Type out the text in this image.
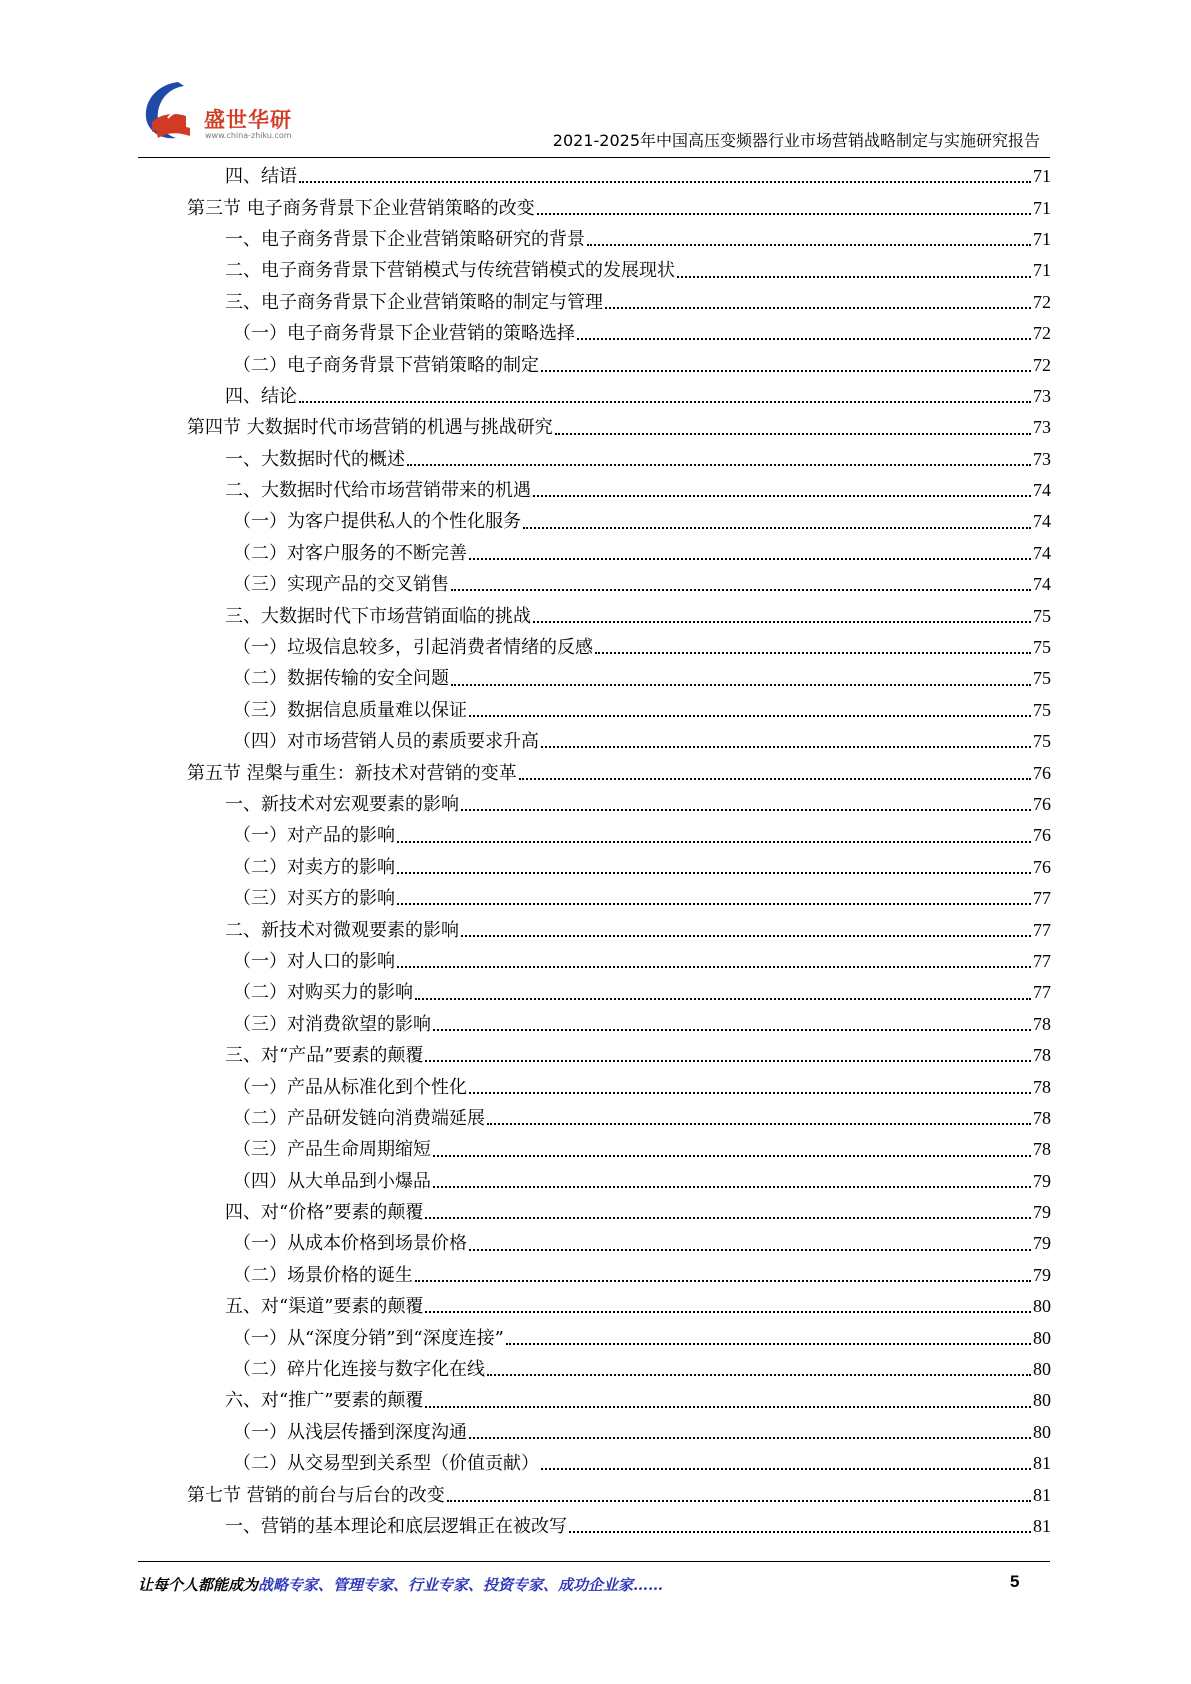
盛世华研
www.china-zhiku.com	2021-2025年中国高压变频器行业市场营销战略制定与实施研究报告
四、结语	71
第三节 电子商务背景下企业营销策略的改变	71
一、电子商务背景下企业营销策略研究的背景	71
二、电子商务背景下营销模式与传统营销模式的发展现状	71
三、电子商务背景下企业营销策略的制定与管理	72
（一）电子商务背景下企业营销的策略选择	72
（二）电子商务背景下营销策略的制定	72
四、结论	73
第四节 大数据时代市场营销的机遇与挑战研究	73
一、大数据时代的概述	73
二、大数据时代给市场营销带来的机遇	74
（一）为客户提供私人的个性化服务	74
（二）对客户服务的不断完善	74
（三）实现产品的交叉销售	74
三、大数据时代下市场营销面临的挑战	75
（一）垃圾信息较多，引起消费者情绪的反感	75
（二）数据传输的安全问题	75
（三）数据信息质量难以保证	75
（四）对市场营销人员的素质要求升高	75
第五节 涅槃与重生：新技术对营销的变革	76
一、新技术对宏观要素的影响	76
（一）对产品的影响	76
（二）对卖方的影响	76
（三）对买方的影响	77
二、新技术对微观要素的影响	77
（一）对人口的影响	77
（二）对购买力的影响	77
（三）对消费欲望的影响	78
三、对“产品”要素的颠覆	78
（一）产品从标准化到个性化	78
（二）产品研发链向消费端延展	78
（三）产品生命周期缩短	78
（四）从大单品到小爆品	79
四、对“价格”要素的颠覆	79
（一）从成本价格到场景价格	79
（二）场景价格的诞生	79
五、对“渠道”要素的颠覆	80
（一）从“深度分销”到“深度连接”	80
（二）碎片化连接与数字化在线	80
六、对“推广”要素的颠覆	80
（一）从浅层传播到深度沟通	80
（二）从交易型到关系型（价值贡献）	81
第七节 营销的前台与后台的改变	81
一、营销的基本理论和底层逻辑正在被改写	81
让每个人都能成为战略专家、管理专家、行业专家、投资专家、成功企业家……	5
